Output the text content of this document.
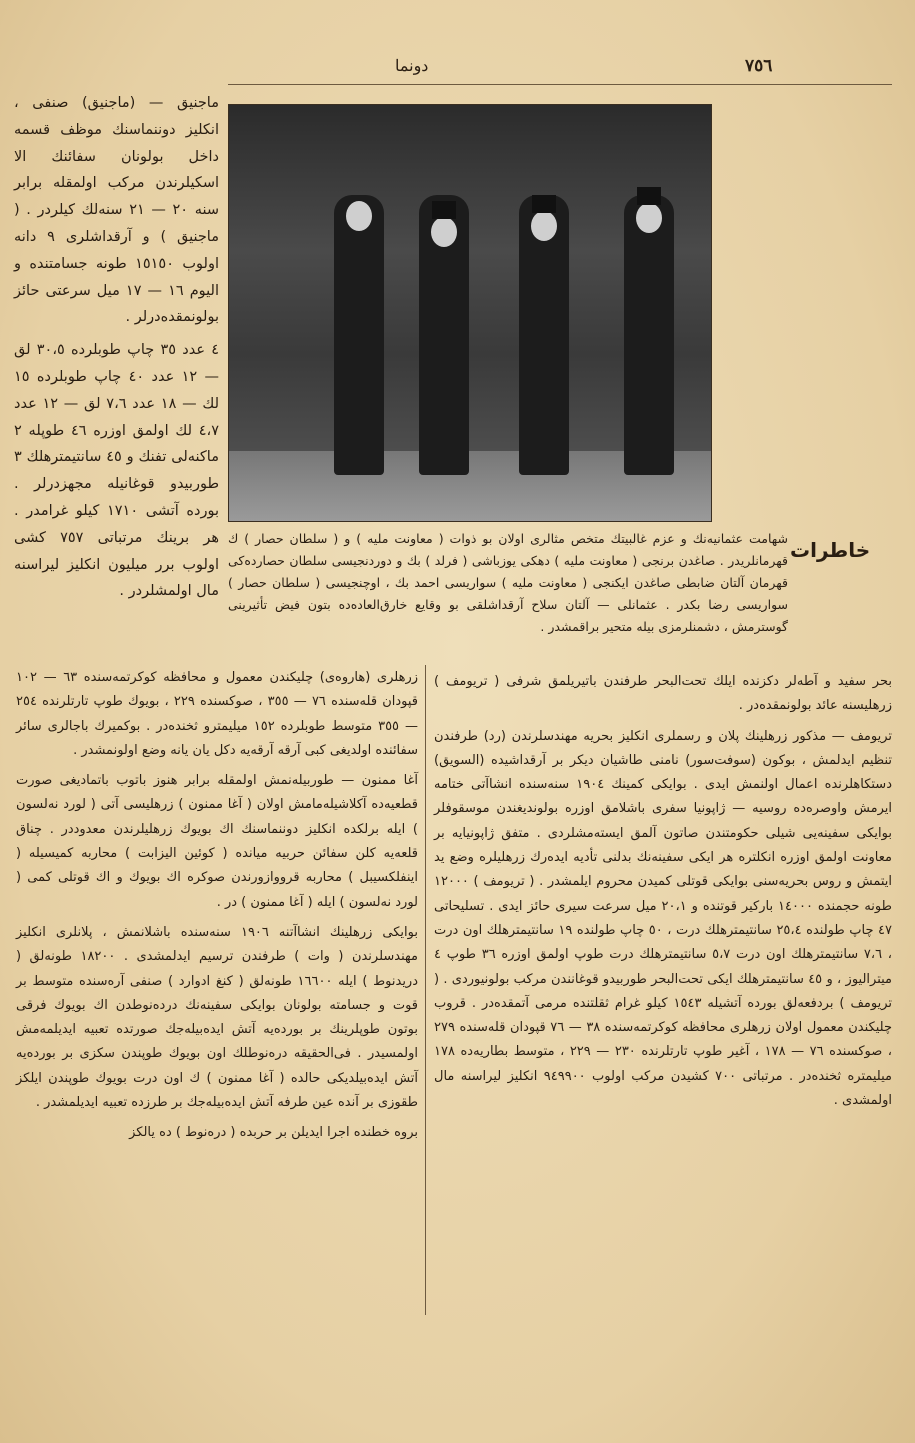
٧٥٦
دونما

ماجنیق — (ماجنیق) صنفی ، انکلیز دوننماسنك موظف قسمه داخل بولونان سفائنك الا اسکیلرندن مرکب اولمقله برابر سنه ٢٠ — ٢١ سنه‌لك کیلردر . ( ماجنیق ) و آرقداشلری ٩ دانه اولوب ١٥١٥٠ طونه جسامتنده و الیوم ١٦ — ١٧ میل سرعتی حائز بولونمقده‌درلر .

٤ عدد ٣٥ چاپ طوبلرده ٣٠،٥ لق — ١٢ عدد ٤٠ چاپ طوبلرده ١٥ لك — ١٨ عدد ٧،٦ لق — ١٢ عدد ٤،٧ لك اولمق اوزره ٤٦ طوپله ٢ ماکنه‌لی تفنك و ٤٥ سانتیمترهلك ٣ طوربیدو قوغانیله مجهزدرلر . بورده آتشی ١٧١٠ کیلو غرامدر . هر برینك مرتباتی ٧٥٧ کشی اولوب برر میلیون انکلیز لیراسنه مال اولمشلردر .

خاطرات
شهامت عثمانیه‌نك و عزم غالبیتك متخص مثالری اولان بو ذوات ( معاونت ملیه ) و ( سلطان حصار ) ك قهرمانلریدر . صاغدن برنجی ( معاونت ملیه ) دهکی یوزباشی ( فرلد ) بك و دوردنجیسی سلطان حصارده‌کی قهرمان آلتان ضابطی صاغدن ایکنجی ( معاونت ملیه ) سواریسی احمد بك ، اوچنجیسی ( سلطان حصار ) سواریسی رضا بکدر . عثمانلی — آلتان سلاح آرقداشلقی بو وقایع خارق‌العاده‌ده بتون فیض تأثیرینی گوسترمش ، دشمنلرمزی بیله متحیر براقمشدر .

بحر سفید و آطه‌لر دکزنده ایلك تحت‌البحر طرفندن باتیریلمق شرفی ( تریومف ) زرهلیسنه عائد بولونمقده‌در .

تریومف — مذکور زرهلینك پلان و رسملری انکلیز بحریه مهندسلرندن (رد) طرفندن تنظیم ایدلمش ، بوکون (سوفت‌سور) نامنی طاشیان دیکر بر آرقداشیده (السویق) دستکاهلرنده اعمال اولنمش ایدی . بوایکی کمینك ١٩٠٤ سنه‌سنده انشاآتی ختامه ایرمش واوصره‌ده روسیه — ژاپونیا سفری باشلامق اوزره بولوندیغندن موسقوفلر بوایکی سفینه‌یی شیلی حکومتندن صاتون آلمق ایسته‌مشلردی . متفق ژاپونیایه بر معاونت اولمق اوزره انکلتره هر ایکی سفینه‌نك بدلنی تأدیه ایده‌رك زرهلیلره وضع ید ایتمش و روس بحریه‌سنی بوایکی قوتلی کمیدن محروم ایلمشدر . ( تریومف ) ١٢٠٠٠ طونه حجمنده ١٤٠٠٠ بارکیر قوتنده و ٢٠،١ میل سرعت سیری حائز ایدی . تسلیحاتی ٤٧ چاپ طولنده ٢٥،٤ سانتیمترهلك درت ، ٥٠ چاپ طولنده ١٩ سانتیمترهلك اون درت ، ٧،٦ سانتیمترهلك اون درت ٥،٧ سانتیمترهلك درت طوپ اولمق اوزره ٣٦ طوپ ٤ میترالیوز ، و ٤٥ سانتیمترهلك ایکی تحت‌البحر طوربیدو قوغانندن مرکب بولونیوردی . ( تریومف ) بردفعه‌لق بورده آتشیله ١٥٤٣ کیلو غرام ثقلتنده مرمی آتمقده‌در . قروب چلیکندن معمول اولان زرهلری محافظه کوکرتمه‌سنده ٣٨ — ٧٦ قپودان قله‌سنده ٢٧٩ ، صوکسنده ٧٦ — ١٧٨ ، آغیر طوپ تارتلرنده ٢٣٠ — ٢٢٩ ، متوسط بطاریه‌ده ١٧٨ میلیمتره ثخنده‌در . مرتباتی ٧٠٠ کشیدن مرکب اولوب ٩٤٩٩٠٠ انکلیز لیراسنه مال اولمشدی .

زرهلری (هاروه‌ی) چلیکندن معمول و محافظه کوکرتمه‌سنده ٦٣ — ١٠٢ قپودان قله‌سنده ٧٦ — ٣٥٥ ، صوکسنده ٢٢٩ ، بویوك طوپ تارتلرنده ٢٥٤ — ٣٥٥ متوسط طوبلرده ١٥٢ میلیمترو ثخنده‌در . بوکمیرك باجالری سائر سفائنده اولدیغی کبی آرقه آرقه‌یه دکل یان یانه وضع اولونمشدر .

آغا ممنون — طوربیله‌نمش اولمقله برابر هنوز باتوب باتمادیغی صورت قطعیه‌ده آکلاشیله‌مامش اولان ( آغا ممنون ) زرهلیسی آتی ( لورد نه‌لسون ) ایله برلکده انکلیز دوننماسنك اك بویوك زرهلیلرندن معدوددر . چناق قلعه‌یه کلن سفائن حربیه میانده ( کوئین الیزابت ) محاربه کمیسیله ( اینفلکسیبل ) محاربه قرووازورندن صوکره اك بویوك و اك قوتلی کمی ( لورد نه‌لسون ) ایله ( آغا ممنون ) در .

بوایکی زرهلینك انشاآتنه ١٩٠٦ سنه‌سنده باشلانمش ، پلانلری انکلیز مهندسلرندن ( وات ) طرفندن ترسیم ایدلمشدی . ١٨٢٠٠ طونه‌لق ( دریدنوط ) ایله ١٦٦٠٠ طونه‌لق ( کنغ ادوارد ) صنفی آره‌سنده متوسط بر قوت و جسامته بولونان بوایکی سفینه‌نك درده‌نوطدن اك بویوك فرقی بوتون طوپلرینك بر بورده‌یه آتش ایده‌بیله‌جك صورتده تعبیه ایدیلمه‌مش اولمسیدر . فی‌الحقیقه دره‌نوطلك اون بویوك طوپندن سکزی بر بورده‌یه آتش ایده‌بیلدیکی حالده ( آغا ممنون ) ك اون درت بویوك طوپندن ایلکز طقوزی بر آنده عین طرفه آتش ایده‌بیله‌جك بر طرزده تعبیه ایدیلمشدر .

بروه خطنده اجرا ایدیلن بر حربده ( دره‌نوط ) ده یالکز
